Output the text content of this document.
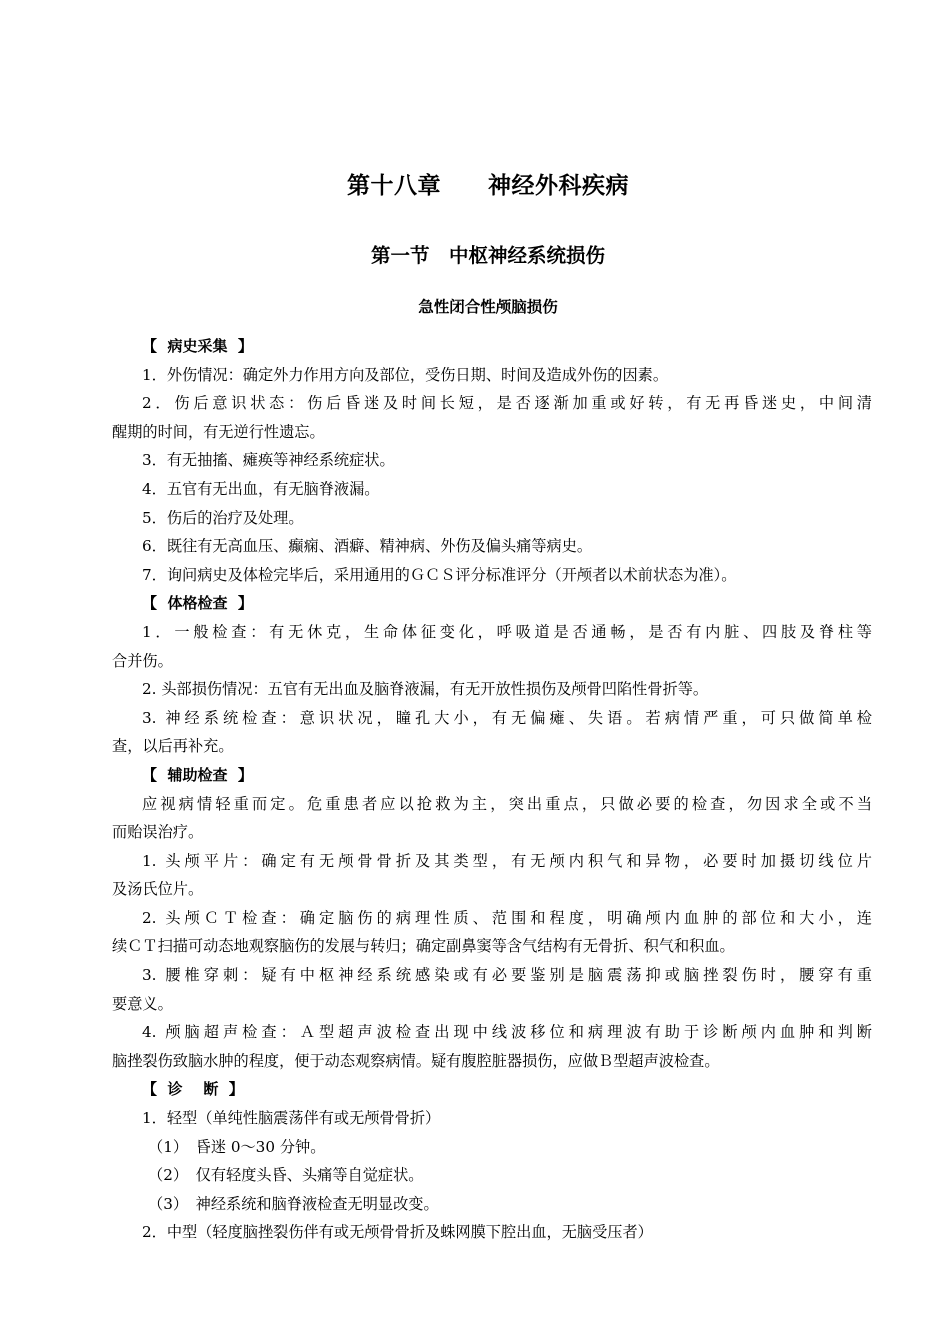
第十八章　　神经外科疾病
第一节　中枢神经系统损伤
急性闭合性颅脑损伤
【  病史采集  】
1．外伤情况：确定外力作用方向及部位，受伤日期、时间及造成外伤的因素。
2．伤后意识状态：伤后昏迷及时间长短，是否逐渐加重或好转，有无再昏迷史，中间清
醒期的时间，有无逆行性遗忘。
3．有无抽搐、瘫痪等神经系统症状。
4．五官有无出血，有无脑脊液漏。
5．伤后的治疗及处理。
6．既往有无高血压、癫痫、酒癖、精神病、外伤及偏头痛等病史。
7．询问病史及体检完毕后，采用通用的ＧＣＳ评分标准评分（开颅者以术前状态为准）。
【  体格检查  】
1．一般检查：有无休克，生命体征变化，呼吸道是否通畅，是否有内脏、四肢及脊柱等
合并伤。
2. 头部损伤情况：五官有无出血及脑脊液漏，有无开放性损伤及颅骨凹陷性骨折等。
3. 神经系统检查：意识状况，瞳孔大小，有无偏瘫、失语。若病情严重，可只做简单检
查，以后再补充。
【  辅助检查  】
应视病情轻重而定。危重患者应以抢救为主，突出重点，只做必要的检查，勿因求全或不当
而贻误治疗。
1. 头颅平片：确定有无颅骨骨折及其类型，有无颅内积气和异物，必要时加摄切线位片
及汤氏位片。
2. 头颅ＣＴ检查：确定脑伤的病理性质、范围和程度，明确颅内血肿的部位和大小，连
续ＣＴ扫描可动态地观察脑伤的发展与转归；确定副鼻窦等含气结构有无骨折、积气和积血。
3. 腰椎穿刺：疑有中枢神经系统感染或有必要鉴别是脑震荡抑或脑挫裂伤时，腰穿有重
要意义。
4. 颅脑超声检查：Ａ型超声波检查出现中线波移位和病理波有助于诊断颅内血肿和判断
脑挫裂伤致脑水肿的程度，便于动态观察病情。疑有腹腔脏器损伤，应做Ｂ型超声波检查。
【  诊    断  】
1．轻型（单纯性脑震荡伴有或无颅骨骨折）
（1）　昏迷 0～30 分钟。
（2）　仅有轻度头昏、头痛等自觉症状。
（3）　神经系统和脑脊液检查无明显改变。
2．中型（轻度脑挫裂伤伴有或无颅骨骨折及蛛网膜下腔出血，无脑受压者）
